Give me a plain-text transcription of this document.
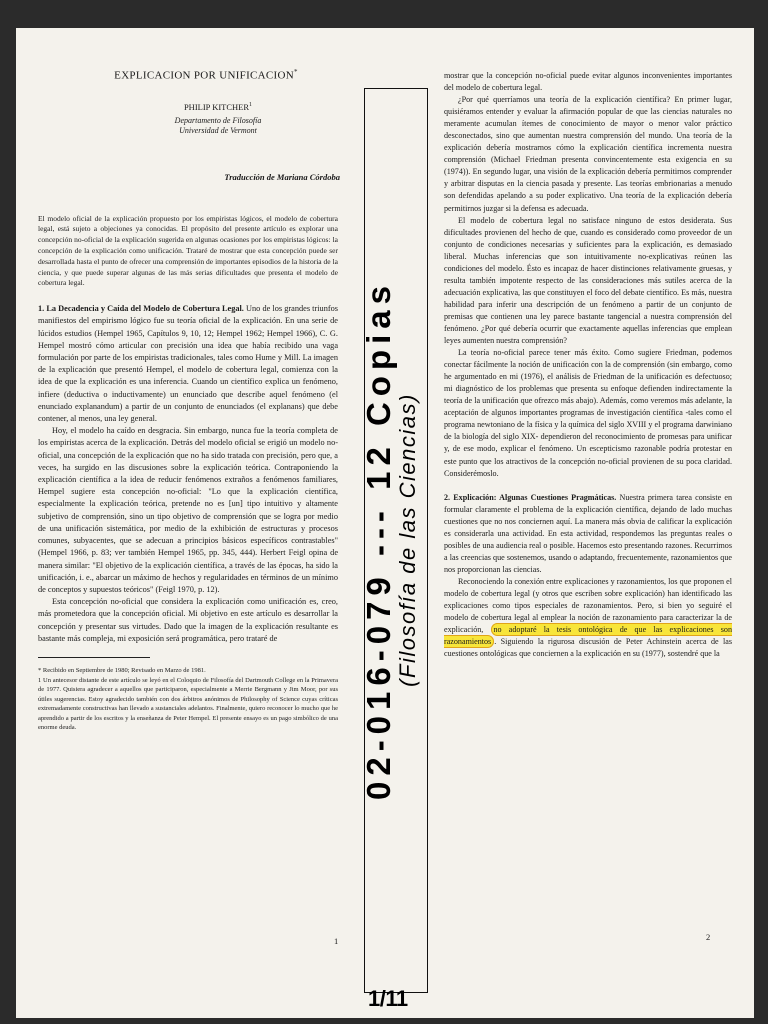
EXPLICACION POR UNIFICACION*
PHILIP KITCHER$^1$
Departamento de Filosofía
Universidad de Vermont
Traducción de Mariana Córdoba
El modelo oficial de la explicación propuesto por los empiristas lógicos, el modelo de cobertura legal, está sujeto a objeciones ya conocidas. El propósito del presente artículo es explorar una concepción no-oficial de la explicación sugerida en algunas ocasiones por los empiristas lógicos: la concepción de la explicación como unificación. Trataré de mostrar que esta concepción puede ser desarrollada hasta el punto de ofrecer una comprensión de importantes episodios de la historia de la ciencia, y que puede superar algunas de las más serias dificultades que presenta el modelo de cobertura legal.

1. La Decadencia y Caída del Modelo de Cobertura Legal. Uno de los grandes triunfos manifiestos del empirismo lógico fue su teoría oficial de la explicación. En una serie de lúcidos estudios (Hempel 1965, Capítulos 9, 10, 12; Hempel 1962; Hempel 1966), C. G. Hempel mostró cómo articular con precisión una idea que había recibido una vaga formulación por parte de los empiristas tradicionales, tales como Hume y Mill. La imagen de la explicación que presentó Hempel, el modelo de cobertura legal, comienza con la idea de que la explicación es una inferencia. Cuando un científico explica un fenómeno, infiere (deductiva o inductivamente) un enunciado que describe aquel fenómeno (el enunciado explanandum) a partir de un conjunto de enunciados (el explanans) que debe contener, al menos, una ley general.

Hoy, el modelo ha caído en desgracia. Sin embargo, nunca fue la teoría completa de los empiristas acerca de la explicación. Detrás del modelo oficial se erigió un modelo no-oficial, una concepción de la explicación que no ha sido tratada con precisión, pero que, a veces, ha surgido en las discusiones sobre la explicación teórica. Contraponiendo la explicación científica a la idea de reducir fenómenos extraños a fenómenos familiares, Hempel sugiere esta concepción no-oficial: "Lo que la explicación científica, especialmente la explicación teórica, pretende no es [un] tipo intuitivo y altamente subjetivo de comprensión, sino un tipo objetivo de comprensión que se logra por medio de una unificación sistemática, por medio de la exhibición de estructuras y procesos comunes, subyacentes, que se adecuan a principios básicos específicos contrastables" (Hempel 1966, p. 83; ver también Hempel 1965, pp. 345, 444). Herbert Feigl opina de manera similar: "El objetivo de la explicación científica, a través de las épocas, ha sido la unificación, i. e., abarcar un máximo de hechos y regularidades en términos de un mínimo de conceptos y supuestos teóricos" (Feigl 1970, p. 12).

Esta concepción no-oficial que considera la explicación como unificación es, creo, más prometedora que la concepción oficial. Mi objetivo en este artículo es desarrollar la concepción y presentar sus virtudes. Dado que la imagen de la explicación resultante es bastante más compleja, mi exposición será programática, pero trataré de

* Recibido en Septiembre de 1980; Revisado en Marzo de 1981.
1 Un antecesor distante de este artículo se leyó en el Coloquio de Filosofía del Dartmouth College en la Primavera de 1977. Quisiera agradecer a aquellos que participaron, especialmente a Merrie Bergmann y Jim Moor, por sus útiles sugerencias. Estoy agradecido también con dos árbitros anónimos de Philosophy of Science cuyas críticas extremadamente constructivas han llevado a sustanciales adelantos. Finalmente, quiero reconocer lo mucho que he aprendido a partir de los escritos y la enseñanza de Peter Hempel. El presente ensayo es un pago simbólico de una enorme deuda.
1
02-016-079 --- 12 Copias
(Filosofía de las Ciencias)

mostrar que la concepción no-oficial puede evitar algunos inconvenientes importantes del modelo de cobertura legal.

¿Por qué querríamos una teoría de la explicación científica? En primer lugar, quisiéramos entender y evaluar la afirmación popular de que las ciencias naturales no meramente acumulan ítemes de conocimiento de mayor o menor valor práctico desconectados, sino que aumentan nuestra comprensión del mundo. Una teoría de la explicación debería mostrarnos cómo la explicación científica incrementa nuestra comprensión (Michael Friedman presenta convincentemente esta exigencia en su (1974)). En segundo lugar, una visión de la explicación debería permitirnos comprender y arbitrar disputas en la ciencia pasada y presente. Las teorías embrionarias a menudo son defendidas apelando a su poder explicativo. Una teoría de la explicación debería permitirnos juzgar si la defensa es adecuada.

El modelo de cobertura legal no satisface ninguno de estos desiderata. Sus dificultades provienen del hecho de que, cuando es considerado como proveedor de un conjunto de condiciones necesarias y suficientes para la explicación, es demasiado liberal. Muchas inferencias que son intuitivamente no-explicativas reúnen las condiciones del modelo. Ésto es incapaz de hacer distinciones relativamente gruesas, y resulta también impotente respecto de las consideraciones más sutiles acerca de la adecuación explicativa, las que constituyen el foco del debate científico. Es más, nuestra habilidad para inferir una descripción de un fenómeno a partir de un conjunto de premisas que contienen una ley parece bastante tangencial a nuestra comprensión del fenómeno. ¿Por qué debería ocurrir que exactamente aquellas inferencias que emplean leyes aumenten nuestra comprensión?

La teoría no-oficial parece tener más éxito. Como sugiere Friedman, podemos conectar fácilmente la noción de unificación con la de comprensión (sin embargo, como he argumentado en mi (1976), el análisis de Friedman de la unificación es defectuoso; mi diagnóstico de los problemas que presenta su enfoque defienden indirectamente la teoría de la unificación que ofrezco más abajo). Además, como veremos más adelante, la aceptación de algunos importantes programas de investigación científica -tales como el programa newtoniano de la física y la química del siglo XVIII y el programa darwiniano de la biología del siglo XIX- dependieron del reconocimiento de promesas para unificar y, de ese modo, explicar el fenómeno. Un escepticismo razonable podría protestar en este punto que los atractivos de la concepción no-oficial provienen de su poca claridad. Considerémoslo.

2. Explicación: Algunas Cuestiones Pragmáticas. Nuestra primera tarea consiste en formular claramente el problema de la explicación científica, dejando de lado muchas cuestiones que no nos conciernen aquí. La manera más obvia de calificar la explicación es considerarla una actividad. En esta actividad, respondemos las preguntas reales o posibles de una audiencia real o posible. Hacemos esto presentando razones. Recurrimos a las creencias que sostenemos, usando o adaptando, frecuentemente, razonamientos que nos proporcionan las ciencias.

Reconociendo la conexión entre explicaciones y razonamientos, los que proponen el modelo de cobertura legal (y otros que escriben sobre explicación) han identificado las explicaciones como tipos especiales de razonamientos. Pero, si bien yo seguiré el modelo de cobertura legal al emplear la noción de razonamiento para caracterizar la de explicación, no adoptaré la tesis ontológica de que las explicaciones son razonamientos . Siguiendo la rigurosa discusión de Peter Achinstein acerca de las cuestiones ontológicas que conciernen a la explicación en su (1977), sostendré que la

2
1/11
